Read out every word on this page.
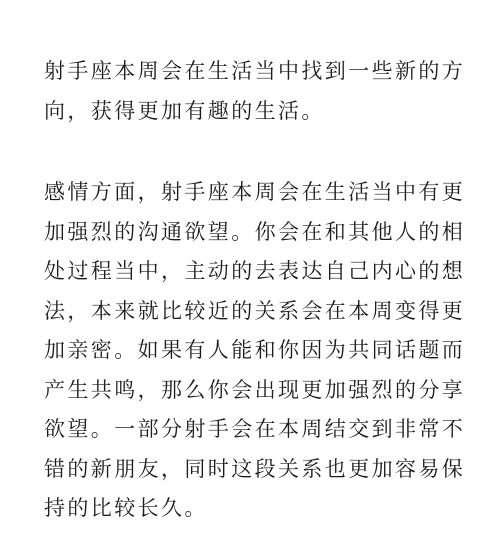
射手座本周会在生活当中找到一些新的方
向，获得更加有趣的生活。

感情方面，射手座本周会在生活当中有更
加强烈的沟通欲望。你会在和其他人的相
处过程当中，主动的去表达自己内心的想
法，本来就比较近的关系会在本周变得更
加亲密。如果有人能和你因为共同话题而
产生共鸣，那么你会出现更加强烈的分享
欲望。一部分射手会在本周结交到非常不
错的新朋友，同时这段关系也更加容易保
持的比较长久。
